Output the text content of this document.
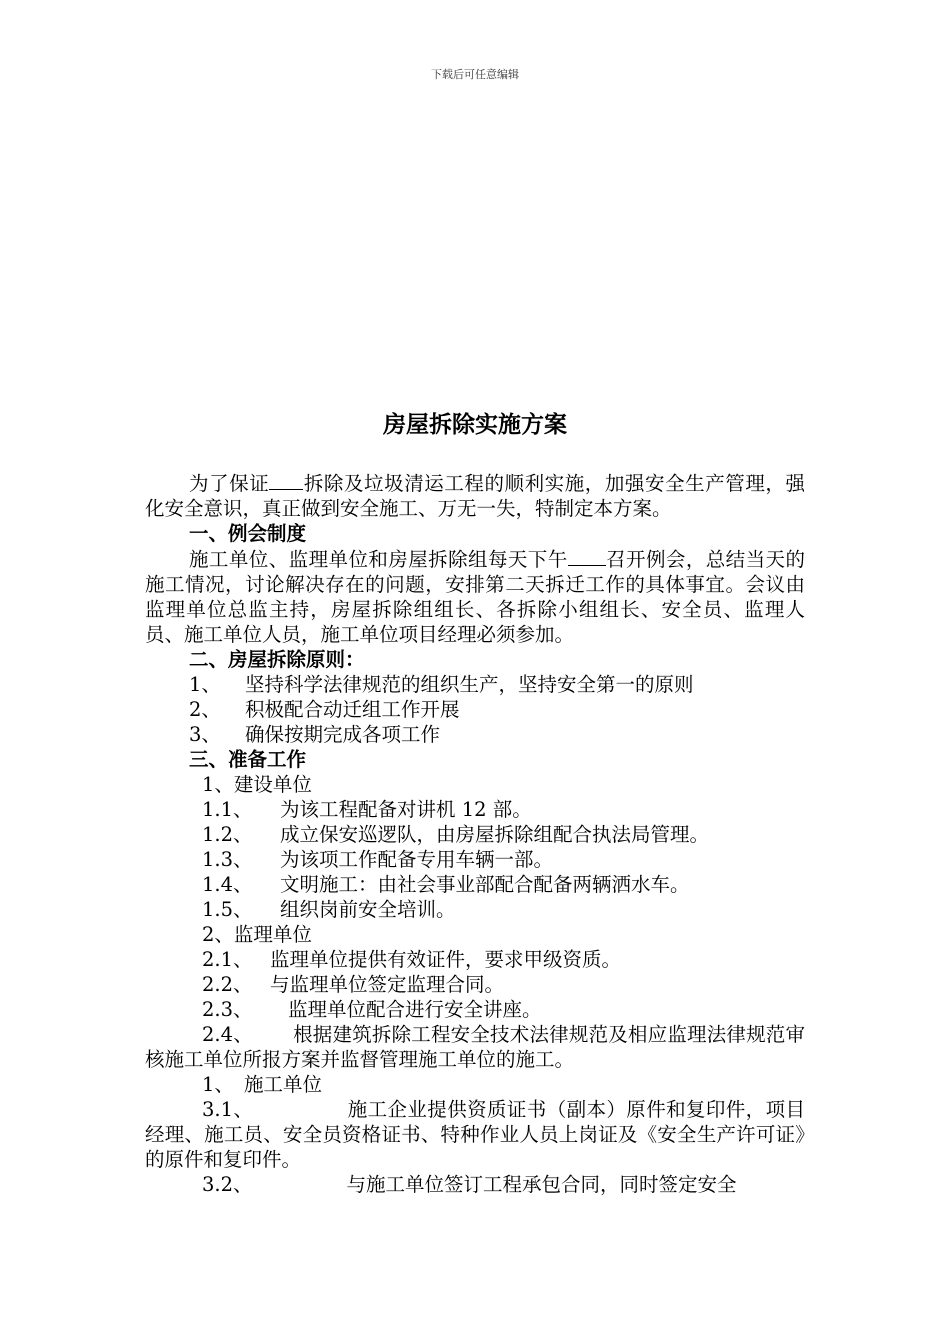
下载后可任意编辑
房屋拆除实施方案

为了保证 拆除及垃圾清运工程的顺利实施，加强安全生产管理，强化安全意识，真正做到安全施工、万无一失，特制定本方案。

一、例会制度

施工单位、监理单位和房屋拆除组每天下午 召开例会，总结当天的施工情况，讨论解决存在的问题，安排第二天拆迁工作的具体事宜。会议由监理单位总监主持，房屋拆除组组长、各拆除小组组长、安全员、监理人员、施工单位人员，施工单位项目经理必须参加。

二、房屋拆除原则：

1、 坚持科学法律规范的组织生产，坚持安全第一的原则

2、 积极配合动迁组工作开展

3、 确保按期完成各项工作

三、准备工作

1、建设单位

1.1、 为该工程配备对讲机 12 部。

1.2、 成立保安巡逻队，由房屋拆除组配合执法局管理。

1.3、 为该项工作配备专用车辆一部。

1.4、 文明施工：由社会事业部配合配备两辆洒水车。

1.5、 组织岗前安全培训。

2、监理单位

2.1、 监理单位提供有效证件，要求甲级资质。

2.2、 与监理单位签定监理合同。

2.3、 监理单位配合进行安全讲座。

2.4、 根据建筑拆除工程安全技术法律规范及相应监理法律规范审核施工单位所报方案并监督管理施工单位的施工。

1、 施工单位

3.1、	施工企业提供资质证书（副本）原件和复印件，项目经理、施工员、安全员资格证书、特种作业人员上岗证及《安全生产许可证》的原件和复印件。

3.2、	与施工单位签订工程承包合同，同时签定安全
